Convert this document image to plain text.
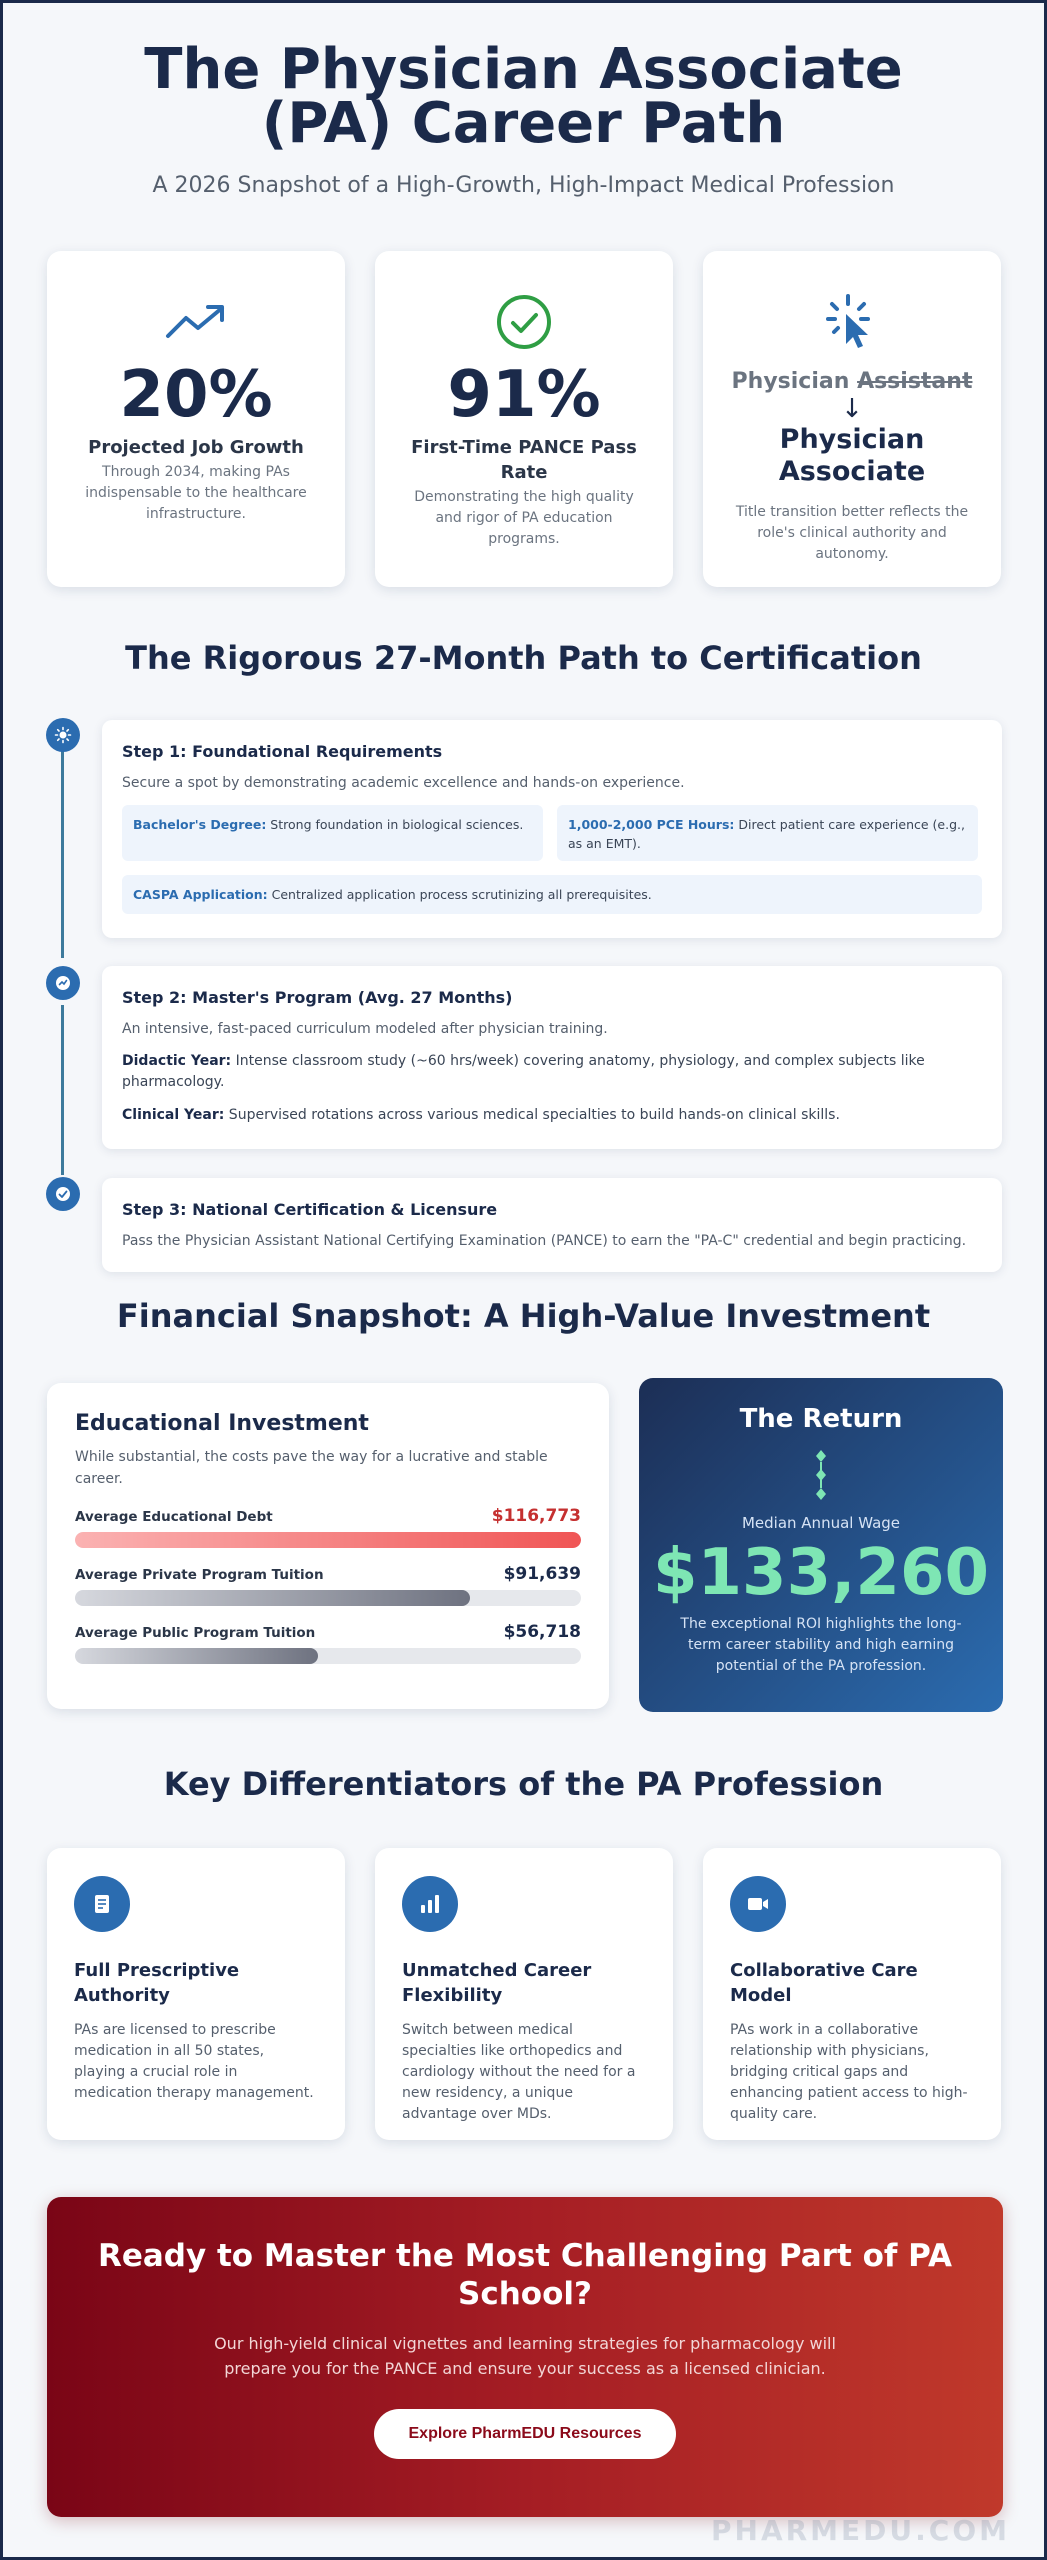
The Physician Associate (PA) Career Path
A 2026 Snapshot of a High-Growth, High-Impact Medical Profession
20%
Projected Job Growth
Through 2034, making PAs indispensable to the healthcare infrastructure.
91%
First-Time PANCE Pass Rate
Demonstrating the high quality and rigor of PA education programs.
Physician Assistant
↓
Physician Associate
Title transition better reflects the role's clinical authority and autonomy.
The Rigorous 27-Month Path to Certification
Step 1: Foundational Requirements
Secure a spot by demonstrating academic excellence and hands-on experience.
Bachelor's Degree: Strong foundation in biological sciences.	1,000-2,000 PCE Hours: Direct patient care experience (e.g., as an EMT).
CASPA Application: Centralized application process scrutinizing all prerequisites.
Step 2: Master's Program (Avg. 27 Months)
An intensive, fast-paced curriculum modeled after physician training.
Didactic Year: Intense classroom study (~60 hrs/week) covering anatomy, physiology, and complex subjects like pharmacology.
Clinical Year: Supervised rotations across various medical specialties to build hands-on clinical skills.
Step 3: National Certification & Licensure
Pass the Physician Assistant National Certifying Examination (PANCE) to earn the "PA-C" credential and begin practicing.
Financial Snapshot: A High-Value Investment
Educational Investment
While substantial, the costs pave the way for a lucrative and stable career.
Average Educational Debt	$116,773
Average Private Program Tuition	$91,639
Average Public Program Tuition	$56,718
The Return
Median Annual Wage
$133,260
The exceptional ROI highlights the long-term career stability and high earning potential of the PA profession.
Key Differentiators of the PA Profession
Full Prescriptive Authority
PAs are licensed to prescribe medication in all 50 states, playing a crucial role in medication therapy management.
Unmatched Career Flexibility
Switch between medical specialties like orthopedics and cardiology without the need for a new residency, a unique advantage over MDs.
Collaborative Care Model
PAs work in a collaborative relationship with physicians, bridging critical gaps and enhancing patient access to high-quality care.
Ready to Master the Most Challenging Part of PA School?
Our high-yield clinical vignettes and learning strategies for pharmacology will prepare you for the PANCE and ensure your success as a licensed clinician.
Explore PharmEDU Resources
PHARMEDU.COM
